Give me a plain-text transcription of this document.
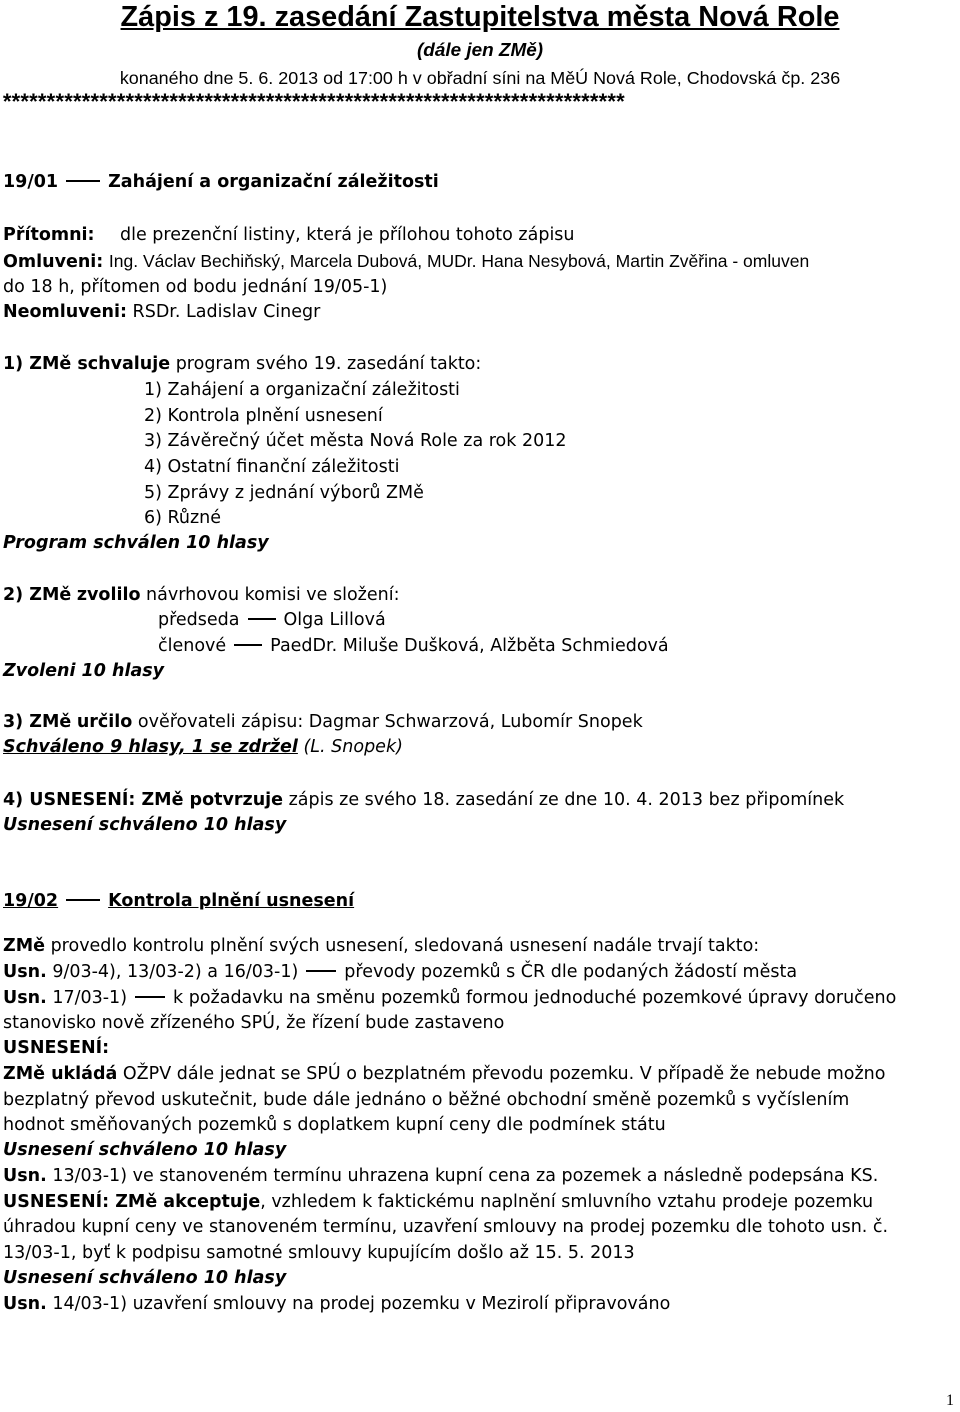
Zápis z 19. zasedání Zastupitelstva města Nová Role
(dále jen ZMě)
konaného dne 5. 6. 2013 od 17:00 h v obřadní síni na MěÚ Nová Role, Chodovská čp. 236
***********************************************************************
19/01	Zahájení a organizační záležitosti
Přítomni: dle prezenční listiny, která je přílohou tohoto zápisu
Omluveni: Ing. Václav Bechiňský, Marcela Dubová, MUDr. Hana Nesybová, Martin Zvěřina - omluven
do 18 h, přítomen od bodu jednání 19/05-1)
Neomluveni: RSDr. Ladislav Cinegr
1) ZMě schvaluje program svého 19. zasedání takto:
1) Zahájení a organizační záležitosti
2) Kontrola plnění usnesení
3) Závěrečný účet města Nová Role za rok 2012
4) Ostatní finanční záležitosti
5) Zprávy z jednání výborů ZMě
6) Různé
Program schválen 10 hlasy
2) ZMě zvolilo návrhovou komisi ve složení:
předseda	Olga Lillová
členové	PaedDr. Miluše Dušková, Alžběta Schmiedová
Zvoleni 10 hlasy
3) ZMě určilo ověřovateli zápisu: Dagmar Schwarzová, Lubomír Snopek
Schváleno 9 hlasy, 1 se zdržel (L. Snopek)
4) USNESENÍ: ZMě potvrzuje zápis ze svého 18. zasedání ze dne 10. 4. 2013 bez připomínek
Usnesení schváleno 10 hlasy
19/02	Kontrola plnění usnesení
ZMě provedlo kontrolu plnění svých usnesení, sledovaná usnesení nadále trvají takto:
Usn. 9/03-4), 13/03-2) a 16/03-1)	převody pozemků s ČR dle podaných žádostí města
Usn. 17/03-1)	k požadavku na směnu pozemků formou jednoduché pozemkové úpravy doručeno
stanovisko nově zřízeného SPÚ, že řízení bude zastaveno
USNESENÍ:
ZMě ukládá OŽPV dále jednat se SPÚ o bezplatném převodu pozemku. V případě že nebude možno
bezplatný převod uskutečnit, bude dále jednáno o běžné obchodní směně pozemků s vyčíslením
hodnot směňovaných pozemků s doplatkem kupní ceny dle podmínek státu
Usnesení schváleno 10 hlasy
Usn. 13/03-1) ve stanoveném termínu uhrazena kupní cena za pozemek a následně podepsána KS.
USNESENÍ: ZMě akceptuje, vzhledem k faktickému naplnění smluvního vztahu prodeje pozemku
úhradou kupní ceny ve stanoveném termínu, uzavření smlouvy na prodej pozemku dle tohoto usn. č.
13/03-1, byť k podpisu samotné smlouvy kupujícím došlo až 15. 5. 2013
Usnesení schváleno 10 hlasy
Usn. 14/03-1) uzavření smlouvy na prodej pozemku v Mezirolí připravováno
1
